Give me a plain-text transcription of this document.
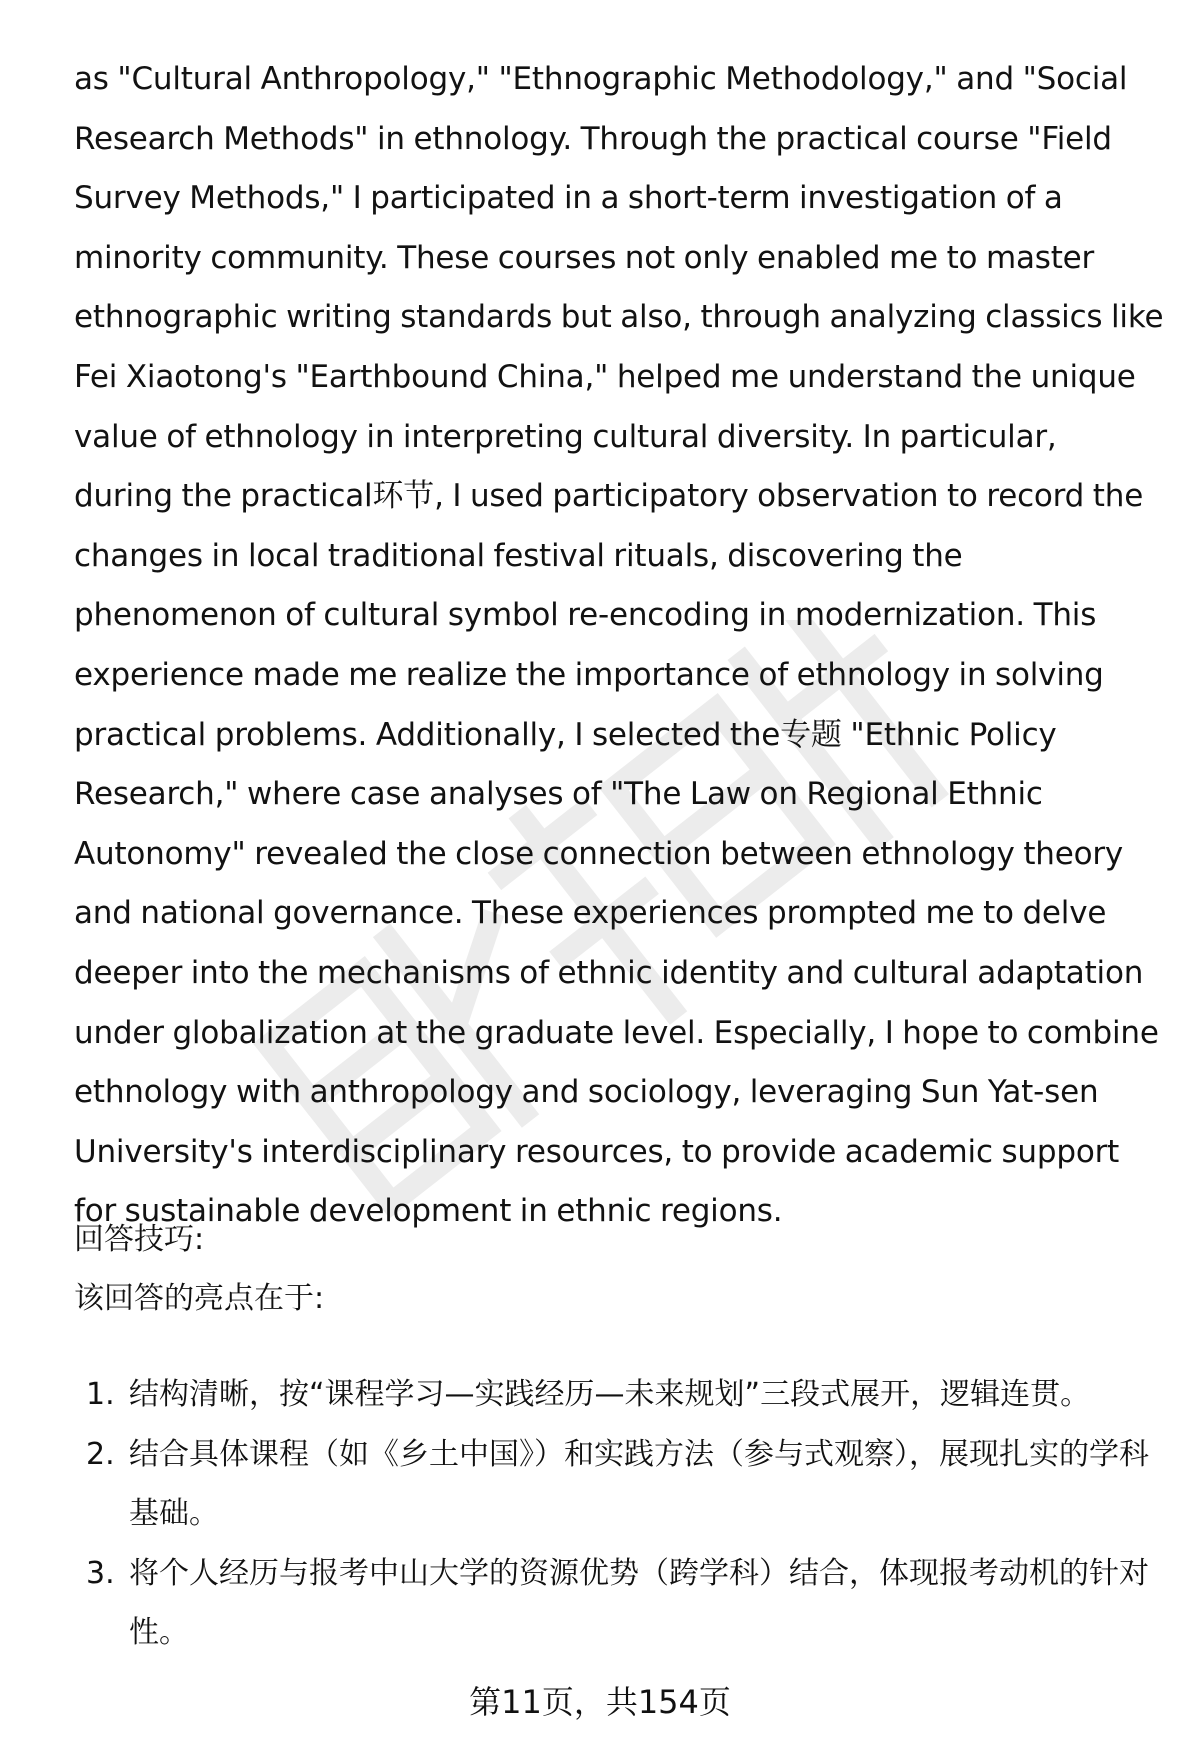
as "Cultural Anthropology," "Ethnographic Methodology," and "Social Research Methods" in ethnology. Through the practical course "Field Survey Methods," I participated in a short-term investigation of a minority community. These courses not only enabled me to master ethnographic writing standards but also, through analyzing classics like Fei Xiaotong's "Earthbound China," helped me understand the unique value of ethnology in interpreting cultural diversity. In particular, during the practical环节, I used participatory observation to record the changes in local traditional festival rituals, discovering the phenomenon of cultural symbol re-encoding in modernization. This experience made me realize the importance of ethnology in solving practical problems. Additionally, I selected the专题 "Ethnic Policy Research," where case analyses of "The Law on Regional Ethnic Autonomy" revealed the close connection between ethnology theory and national governance. These experiences prompted me to delve deeper into the mechanisms of ethnic identity and cultural adaptation under globalization at the graduate level. Especially, I hope to combine ethnology with anthropology and sociology, leveraging Sun Yat-sen University's interdisciplinary resources, to provide academic support for sustainable development in ethnic regions.

回答技巧:

该回答的亮点在于:

1. 结构清晰，按“课程学习—实践经历—未来规划”三段式展开，逻辑连贯。
2. 结合具体课程（如《乡土中国》）和实践方法（参与式观察），展现扎实的学科基础。
3. 将个人经历与报考中山大学的资源优势（跨学科）结合，体现报考动机的针对性。

第11页，共154页
